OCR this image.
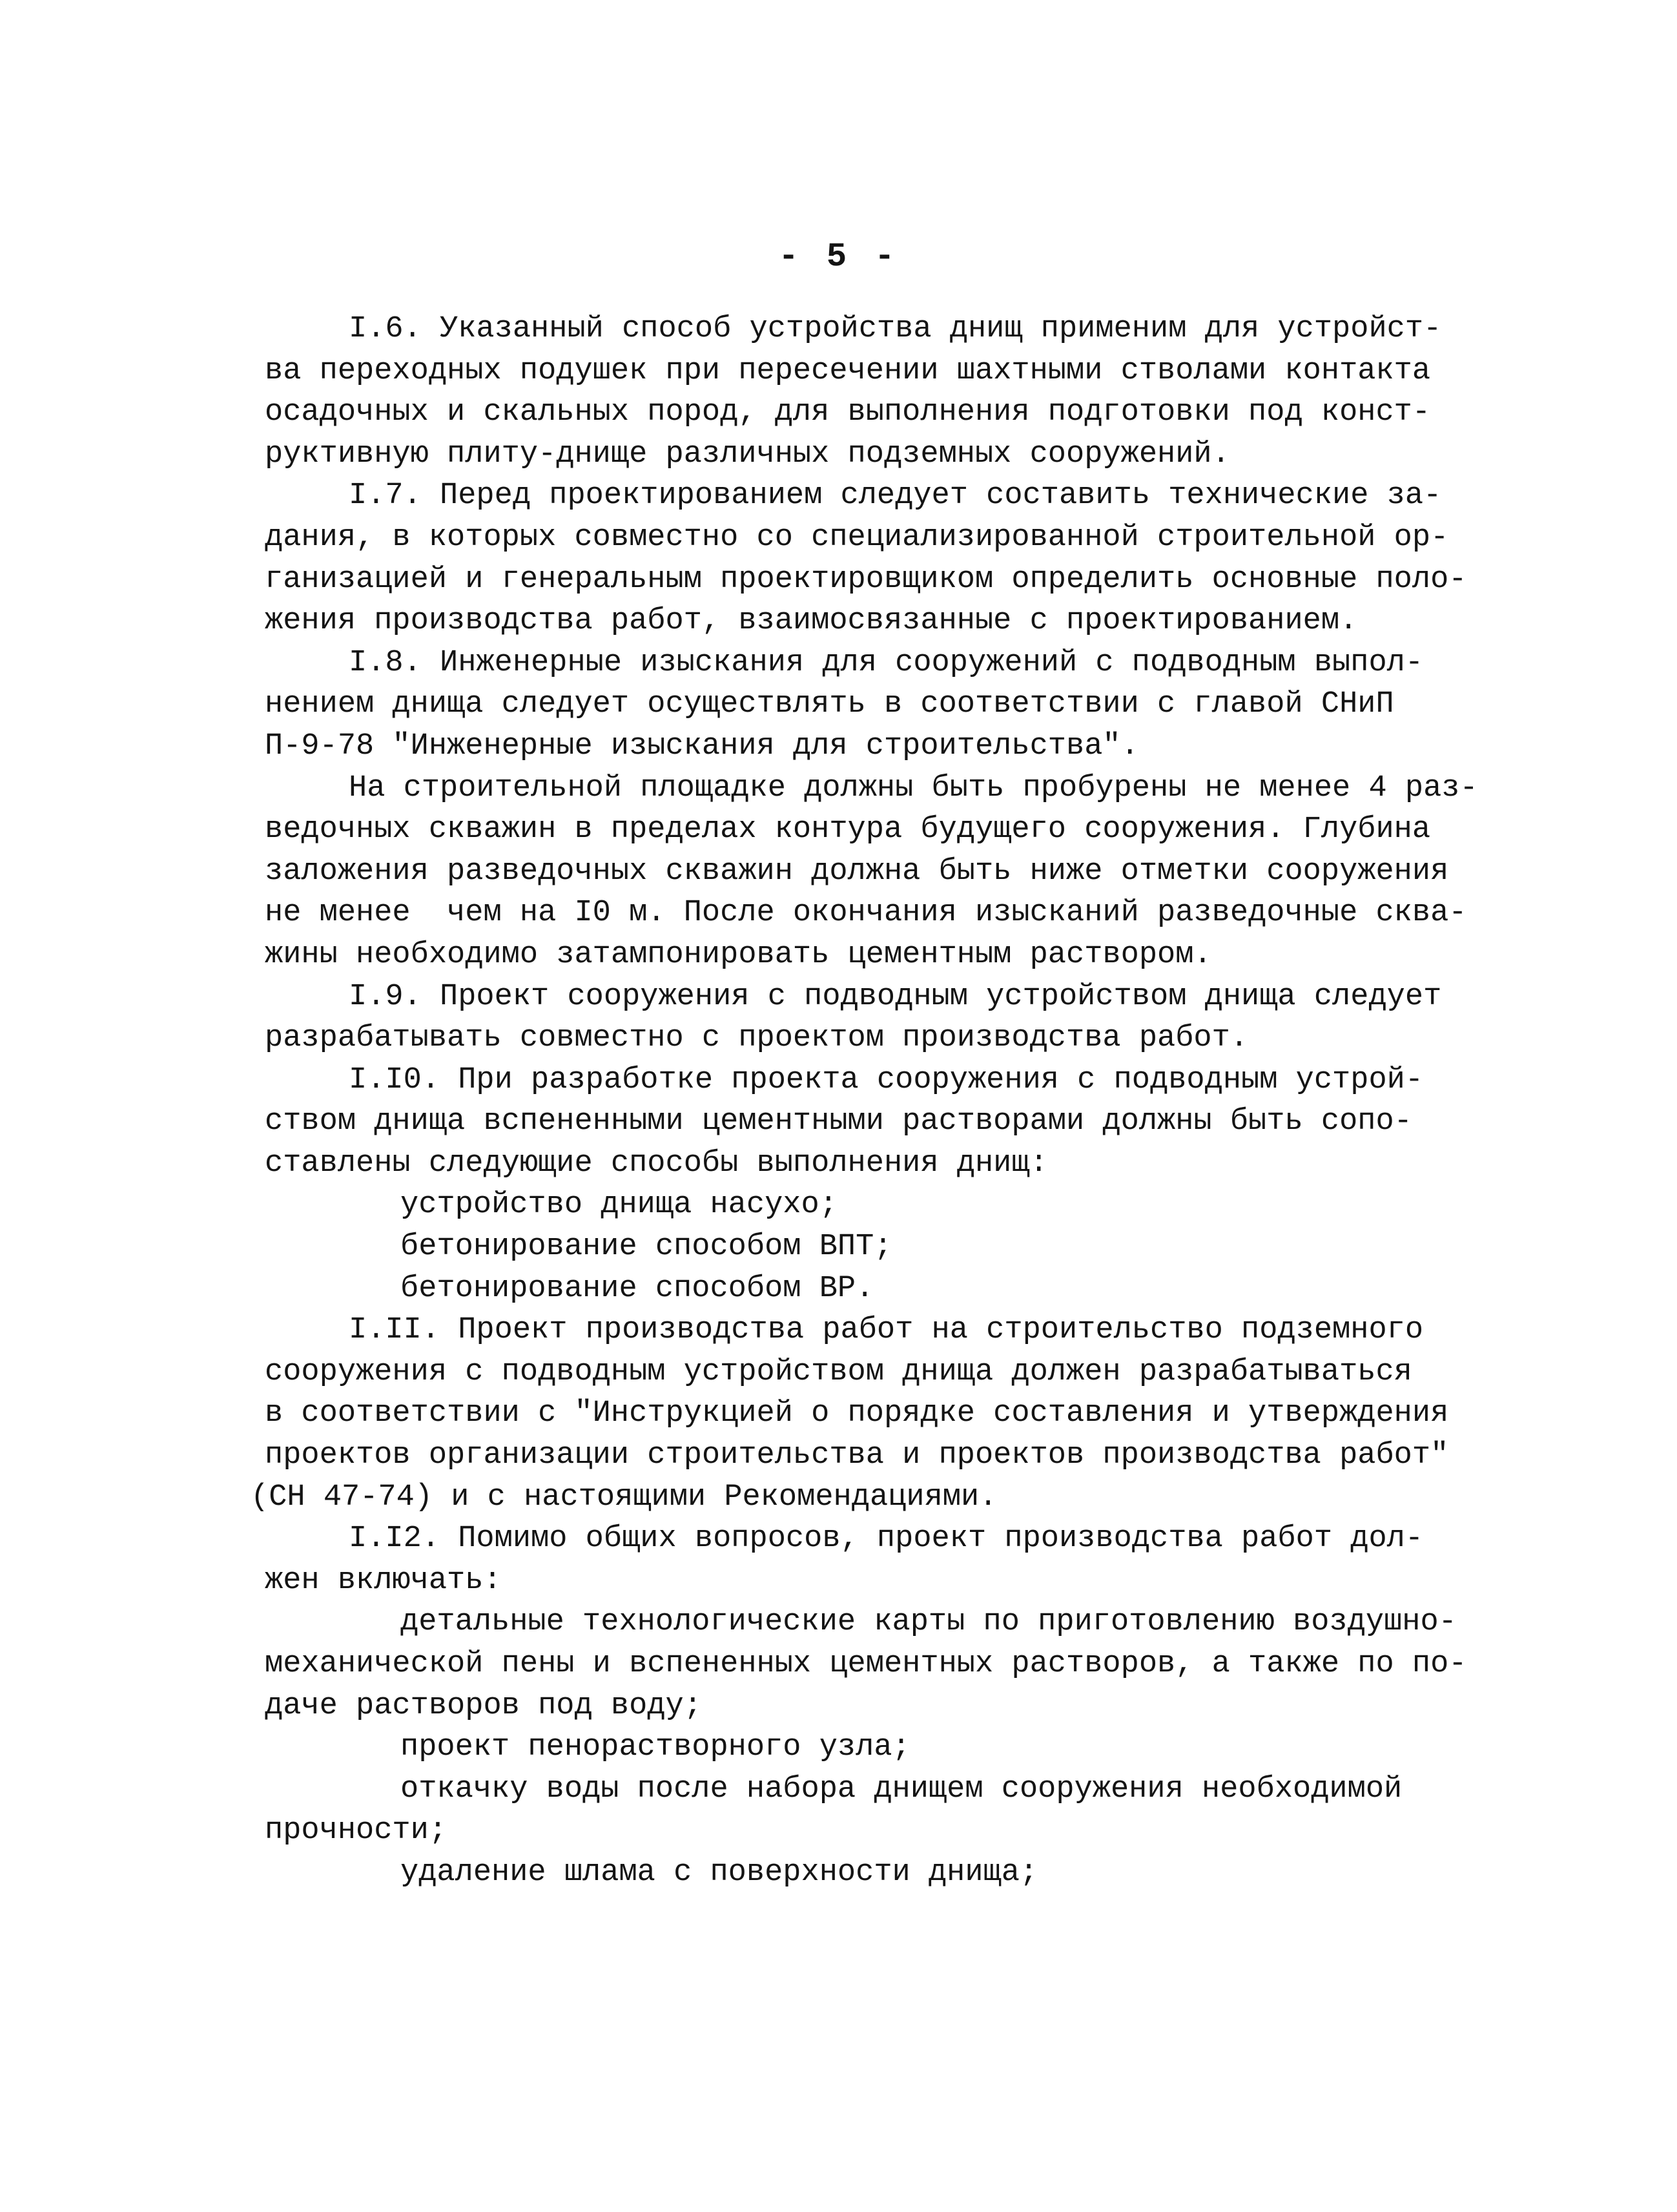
- 5 -
I.6. Указанный способ устройства днищ применим для устройст-
ва переходных подушек при пересечении шахтными стволами контакта
осадочных и скальных пород, для выполнения подготовки под конст-
руктивную плиту-днище различных подземных сооружений.
I.7. Перед проектированием следует составить технические за-
дания, в которых совместно со специализированной строительной ор-
ганизацией и генеральным проектировщиком определить основные поло-
жения производства работ, взаимосвязанные с проектированием.
I.8. Инженерные изыскания для сооружений с подводным выпол-
нением днища следует осуществлять в соответствии с главой СНиП
П-9-78 "Инженерные изыскания для строительства".
На строительной площадке должны быть пробурены не менее 4 раз-
ведочных скважин в пределах контура будущего сооружения. Глубина
заложения разведочных скважин должна быть ниже отметки сооружения
не менее  чем на I0 м. После окончания изысканий разведочные сква-
жины необходимо затампонировать цементным раствором.
I.9. Проект сооружения с подводным устройством днища следует
разрабатывать совместно с проектом производства работ.
I.I0. При разработке проекта сооружения с подводным устрой-
ством днища вспененными цементными растворами должны быть сопо-
ставлены следующие способы выполнения днищ:
устройство днища насухо;
бетонирование способом ВПТ;
бетонирование способом ВР.
I.II. Проект производства работ на строительство подземного
сооружения с подводным устройством днища должен разрабатываться
в соответствии с "Инструкцией о порядке составления и утверждения
проектов организации строительства и проектов производства работ"
(СН 47-74) и с настоящими Рекомендациями.
I.I2. Помимо общих вопросов, проект производства работ дол-
жен включать:
детальные технологические карты по приготовлению воздушно-
механической пены и вспененных цементных растворов, а также по по-
даче растворов под воду;
проект пенорастворного узла;
откачку воды после набора днищем сооружения необходимой
прочности;
удаление шлама с поверхности днища;
